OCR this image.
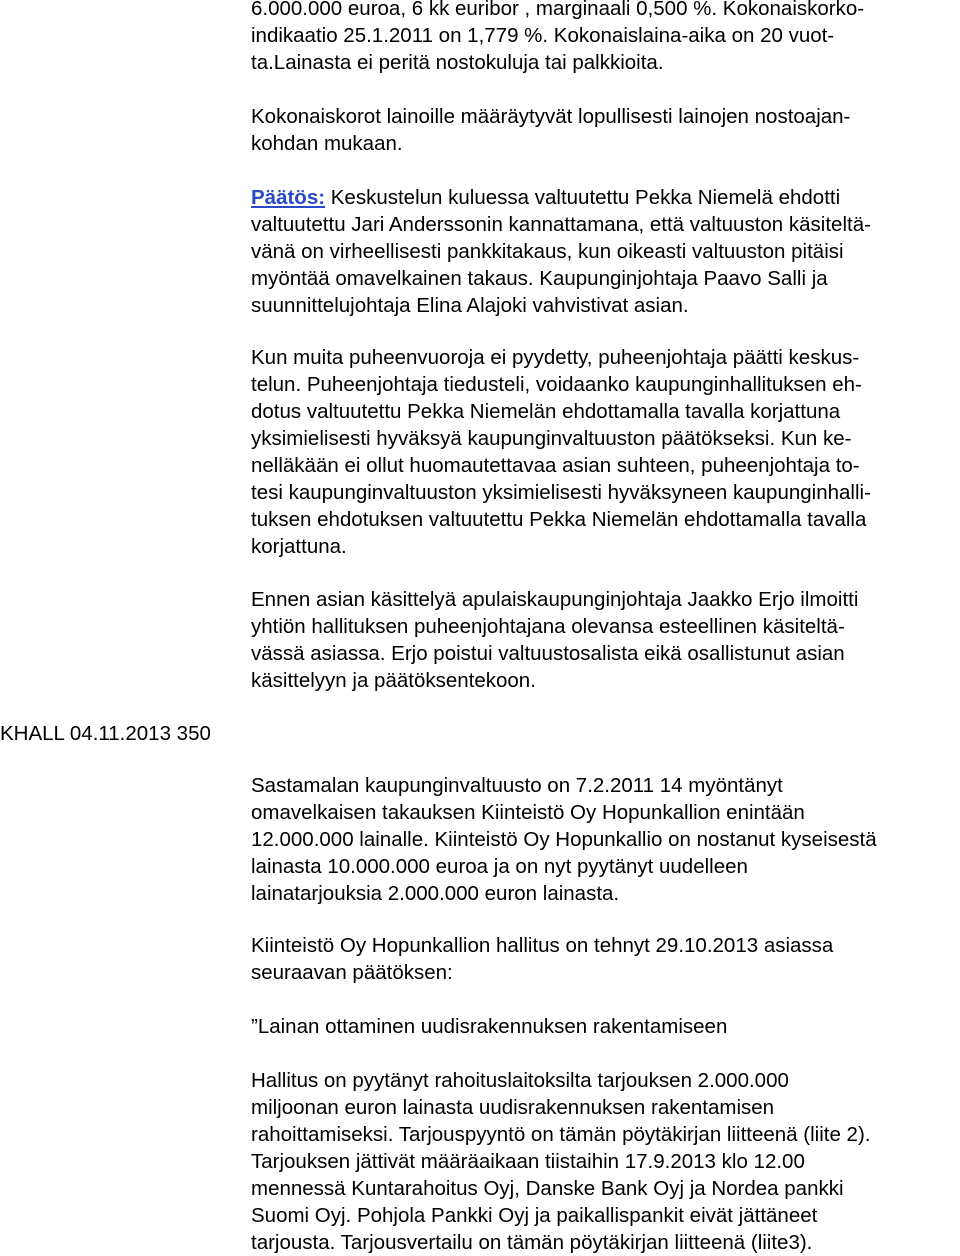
KHALL 04.11.2013 350
6.000.000 euroa, 6 kk euribor , marginaali 0,500 %. Kokonaiskorko-
indikaatio 25.1.2011 on 1,779 %. Kokonaislaina-aika on 20 vuot-
ta.Lainasta ei peritä nostokuluja tai palkkioita.
Kokonaiskorot lainoille määräytyvät lopullisesti lainojen nostoajan-
kohdan mukaan.
Päätös: Keskustelun kuluessa valtuutettu Pekka Niemelä ehdotti
valtuutettu Jari Anderssonin kannattamana, että valtuuston käsiteltä-
vänä on virheellisesti pankkitakaus, kun oikeasti valtuuston pitäisi
myöntää omavelkainen takaus. Kaupunginjohtaja Paavo Salli ja
suunnittelujohtaja Elina Alajoki vahvistivat asian.
Kun muita puheenvuoroja ei pyydetty, puheenjohtaja päätti keskus-
telun. Puheenjohtaja tiedusteli, voidaanko kaupunginhallituksen eh-
dotus valtuutettu Pekka Niemelän ehdottamalla tavalla korjattuna
yksimielisesti hyväksyä kaupunginvaltuuston päätökseksi. Kun ke-
nelläkään ei ollut huomautettavaa asian suhteen, puheenjohtaja to-
tesi kaupunginvaltuuston yksimielisesti hyväksyneen kaupunginhalli-
tuksen ehdotuksen valtuutettu Pekka Niemelän ehdottamalla tavalla
korjattuna.
Ennen asian käsittelyä apulaiskaupunginjohtaja Jaakko Erjo ilmoitti
yhtiön hallituksen puheenjohtajana olevansa esteellinen käsiteltä-
vässä asiassa. Erjo poistui valtuustosalista eikä osallistunut asian
käsittelyyn ja päätöksentekoon.
Sastamalan kaupunginvaltuusto on 7.2.2011 14 myöntänyt
omavelkaisen takauksen Kiinteistö Oy Hopunkallion enintään
12.000.000 lainalle. Kiinteistö Oy Hopunkallio on nostanut kyseisestä
lainasta 10.000.000 euroa ja on nyt pyytänyt uudelleen
lainatarjouksia 2.000.000 euron lainasta.
Kiinteistö Oy Hopunkallion hallitus on tehnyt 29.10.2013 asiassa
seuraavan päätöksen:
”Lainan ottaminen uudisrakennuksen rakentamiseen
Hallitus on pyytänyt rahoituslaitoksilta tarjouksen 2.000.000
miljoonan euron lainasta uudisrakennuksen rakentamisen
rahoittamiseksi. Tarjouspyyntö on tämän pöytäkirjan liitteenä (liite 2).
Tarjouksen jättivät määräaikaan tiistaihin 17.9.2013 klo 12.00
mennessä Kuntarahoitus Oyj, Danske Bank Oyj ja Nordea pankki
Suomi Oyj. Pohjola Pankki Oyj ja paikallispankit eivät jättäneet
tarjousta. Tarjousvertailu on tämän pöytäkirjan liitteenä (liite3).
